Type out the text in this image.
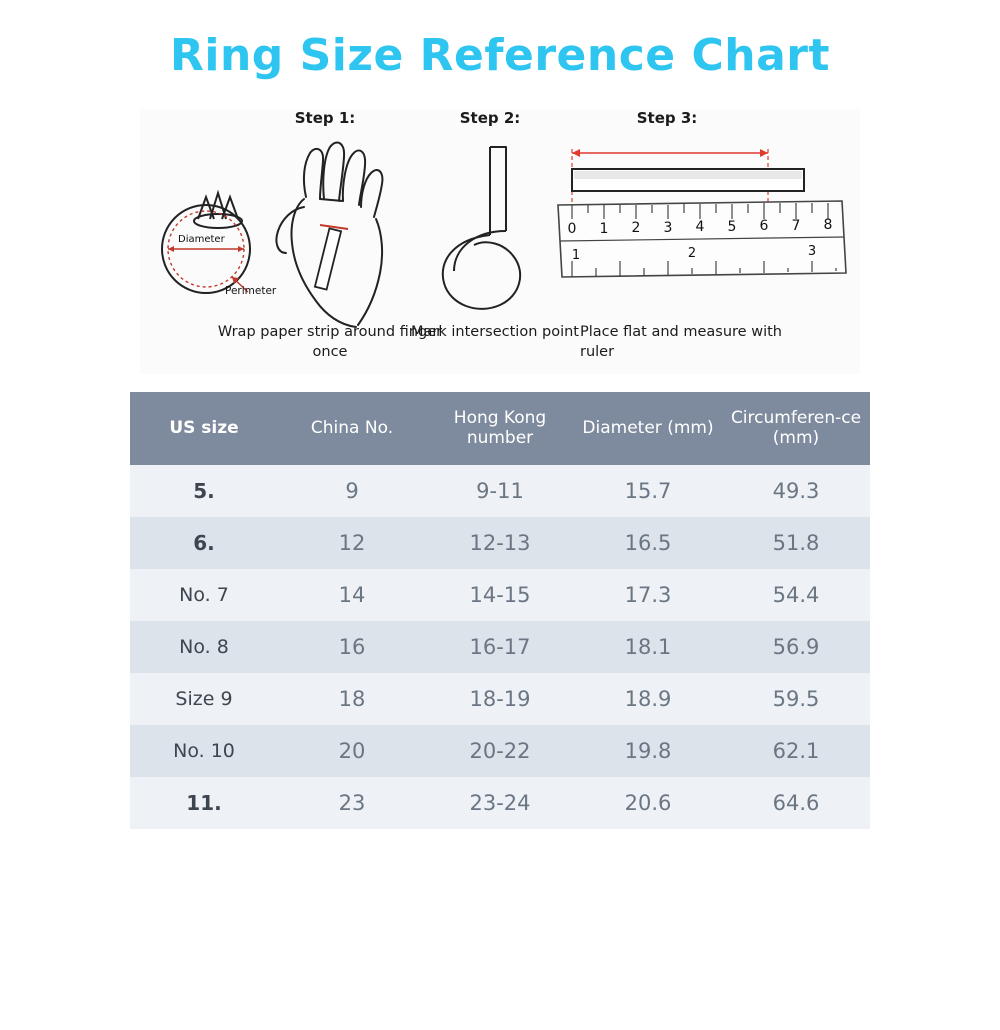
Ring Size Reference Chart
Diameter
Perimeter
Step 1:
Wrap paper strip around finger once
Step 2:
Mark intersection point
Step 3:
0 1 2 3 4 5 6 7 8
1	2	3
Place flat and measure with ruler
US size	China No.	Hong Kong number	Diameter (mm)	Circumferen-ce (mm)
5.	9	9-11	15.7	49.3
6.	12	12-13	16.5	51.8
No. 7	14	14-15	17.3	54.4
No. 8	16	16-17	18.1	56.9
Size 9	18	18-19	18.9	59.5
No. 10	20	20-22	19.8	62.1
11.	23	23-24	20.6	64.6
